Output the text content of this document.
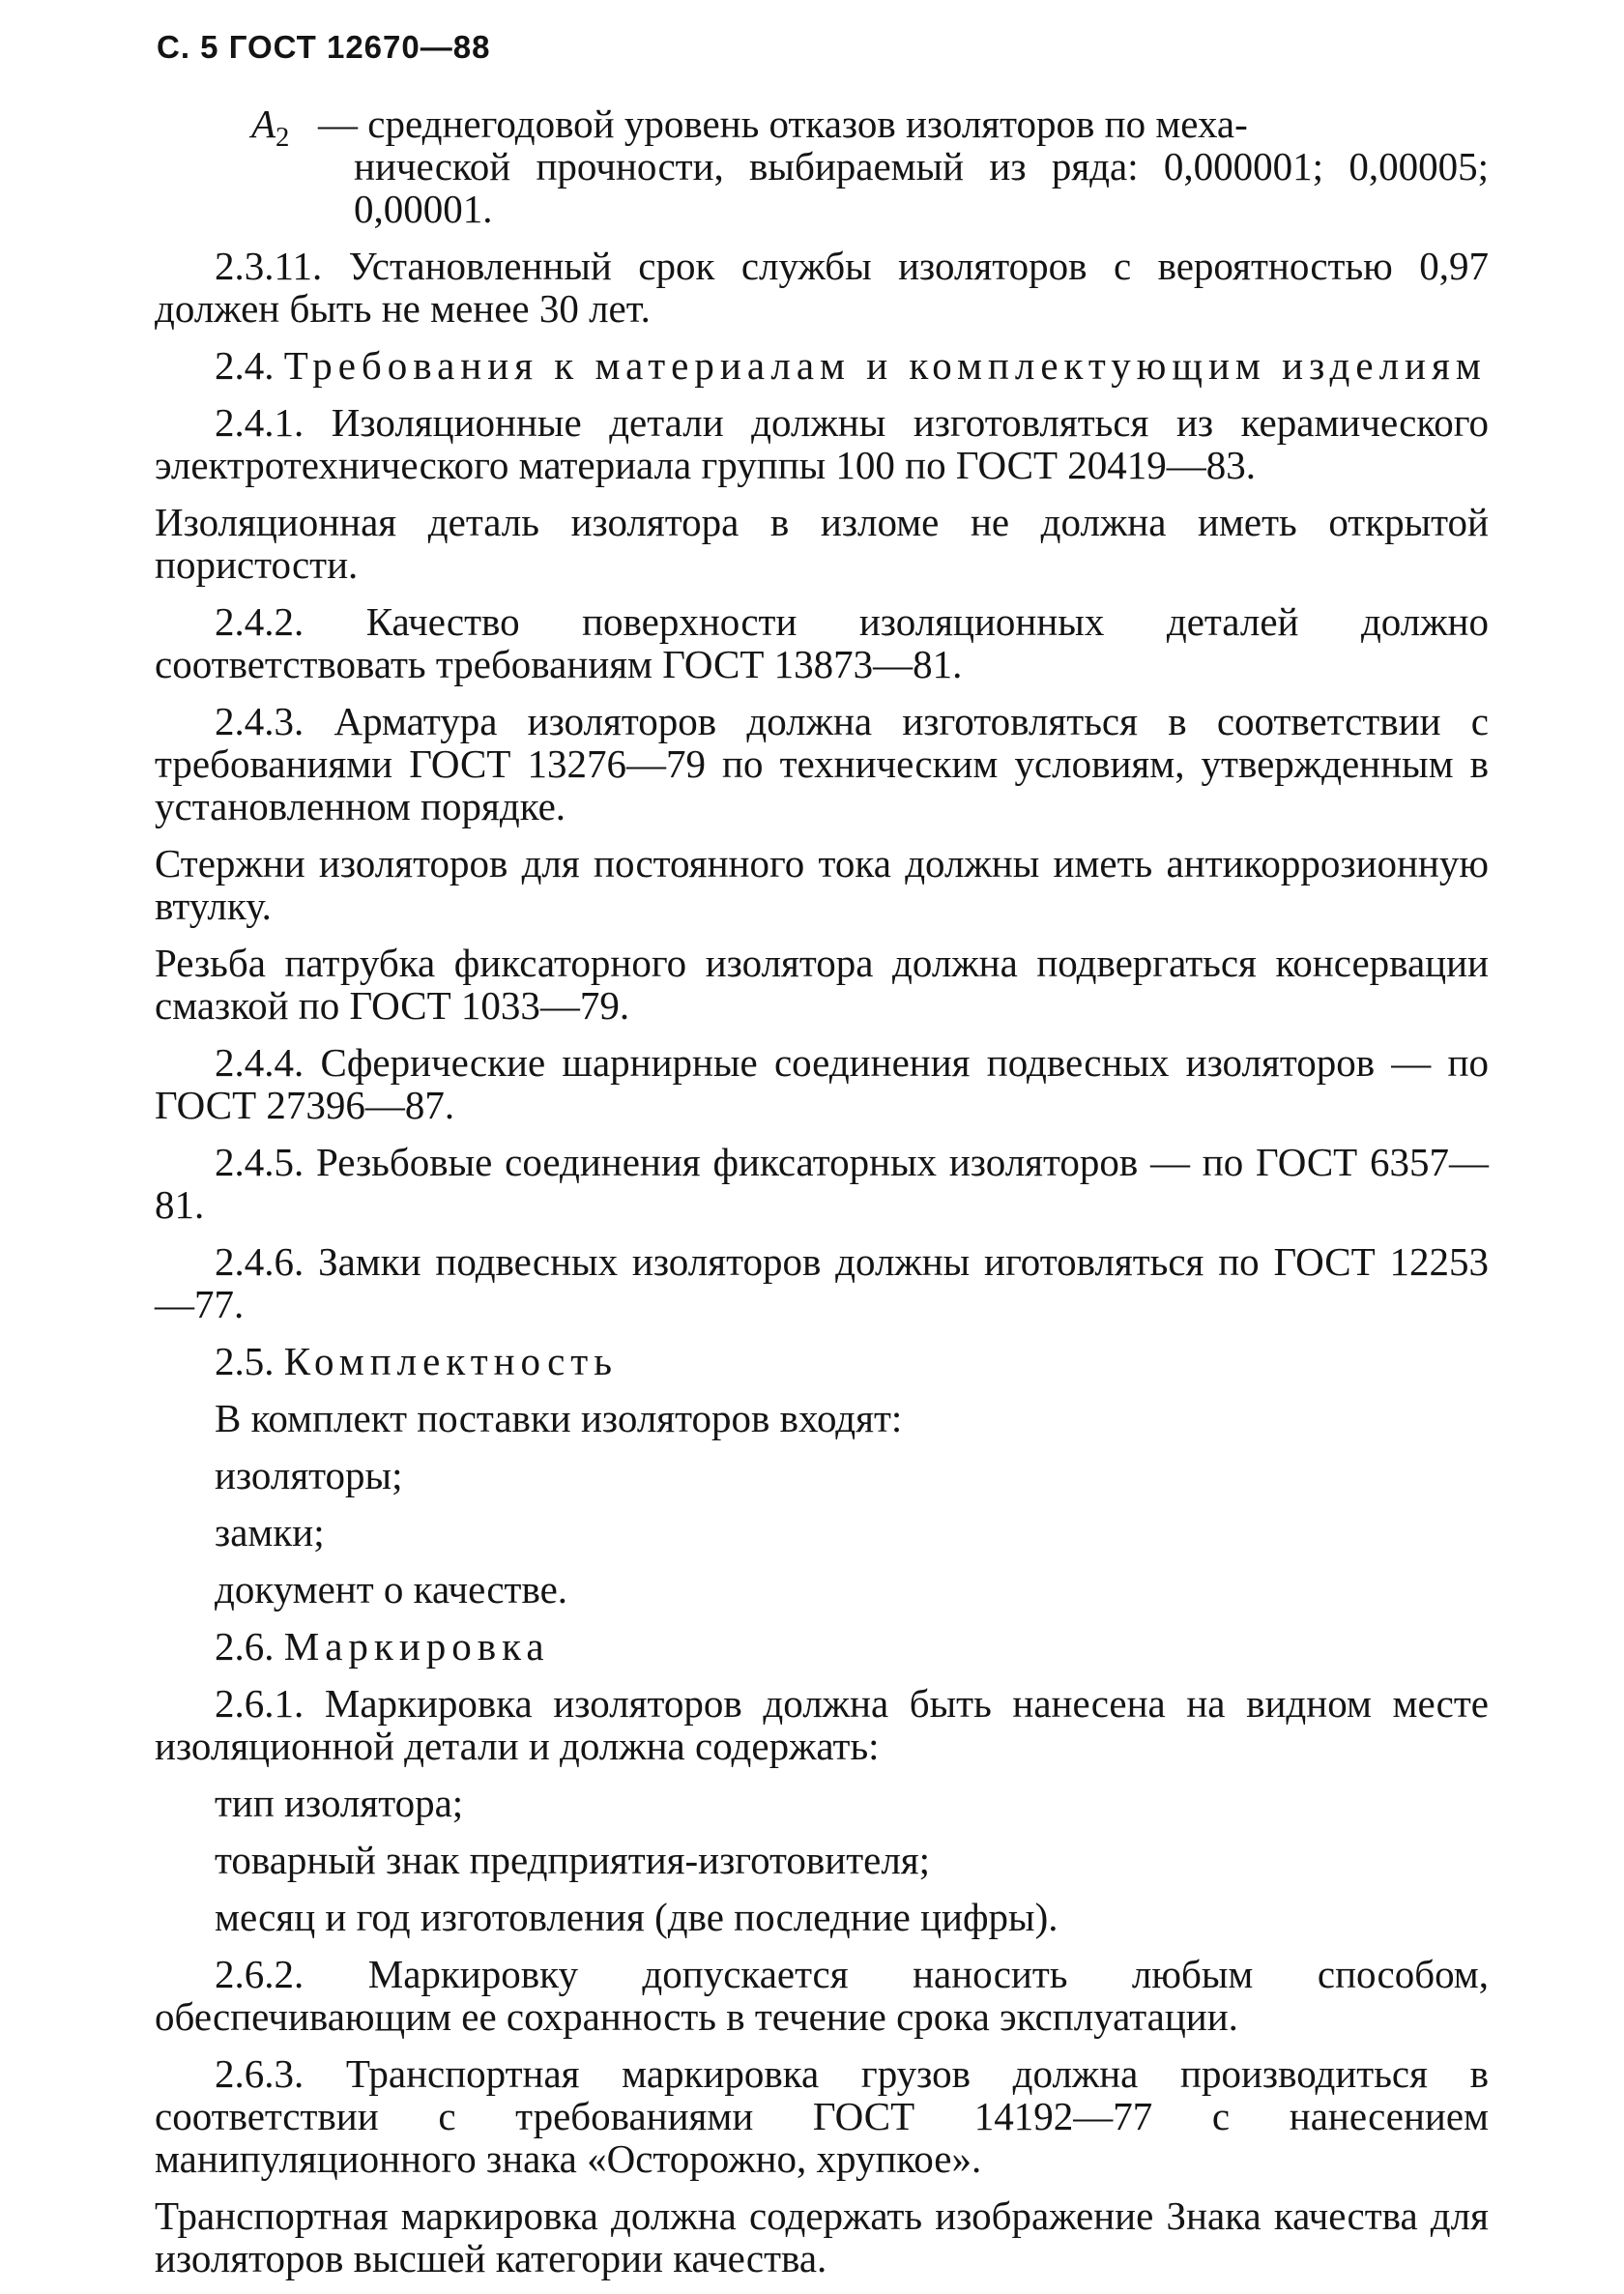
С. 5 ГОСТ 12670—88
$A_2$ — среднегодовой уровень отказов изоляторов по меха-
нической прочности, выбираемый из ряда: 0,000001; 0,00005; 0,00001.

2.3.11. Установленный срок службы изоляторов с вероятностью 0,97 должен быть не менее 30 лет.

2.4. Требования к материалам и комплектующим изделиям

2.4.1. Изоляционные детали должны изготовляться из керамического электротехнического материала группы 100 по ГОСТ 20419—83.

Изоляционная деталь изолятора в изломе не должна иметь открытой пористости.

2.4.2. Качество поверхности изоляционных деталей должно соответствовать требованиям ГОСТ 13873—81.

2.4.3. Арматура изоляторов должна изготовляться в соответствии с требованиями ГОСТ 13276—79 по техническим условиям, утвержденным в установленном порядке.

Стержни изоляторов для постоянного тока должны иметь антикоррозионную втулку.

Резьба патрубка фиксаторного изолятора должна подвергаться консервации смазкой по ГОСТ 1033—79.

2.4.4. Сферические шарнирные соединения подвесных изоляторов — по ГОСТ 27396—87.

2.4.5. Резьбовые соединения фиксаторных изоляторов — по ГОСТ 6357—81.

2.4.6. Замки подвесных изоляторов должны иготовляться по ГОСТ 12253—77.

2.5. Комплектность

В комплект поставки изоляторов входят:

изоляторы;

замки;

документ о качестве.

2.6. Маркировка

2.6.1. Маркировка изоляторов должна быть нанесена на видном месте изоляционной детали и должна содержать:

тип изолятора;

товарный знак предприятия-изготовителя;

месяц и год изготовления (две последние цифры).

2.6.2. Маркировку допускается наносить любым способом, обеспечивающим ее сохранность в течение срока эксплуатации.

2.6.3. Транспортная маркировка грузов должна производиться в соответствии с требованиями ГОСТ 14192—77 с нанесением манипуляционного знака «Осторожно, хрупкое».

Транспортная маркировка должна содержать изображение Знака качества для изоляторов высшей категории качества.
